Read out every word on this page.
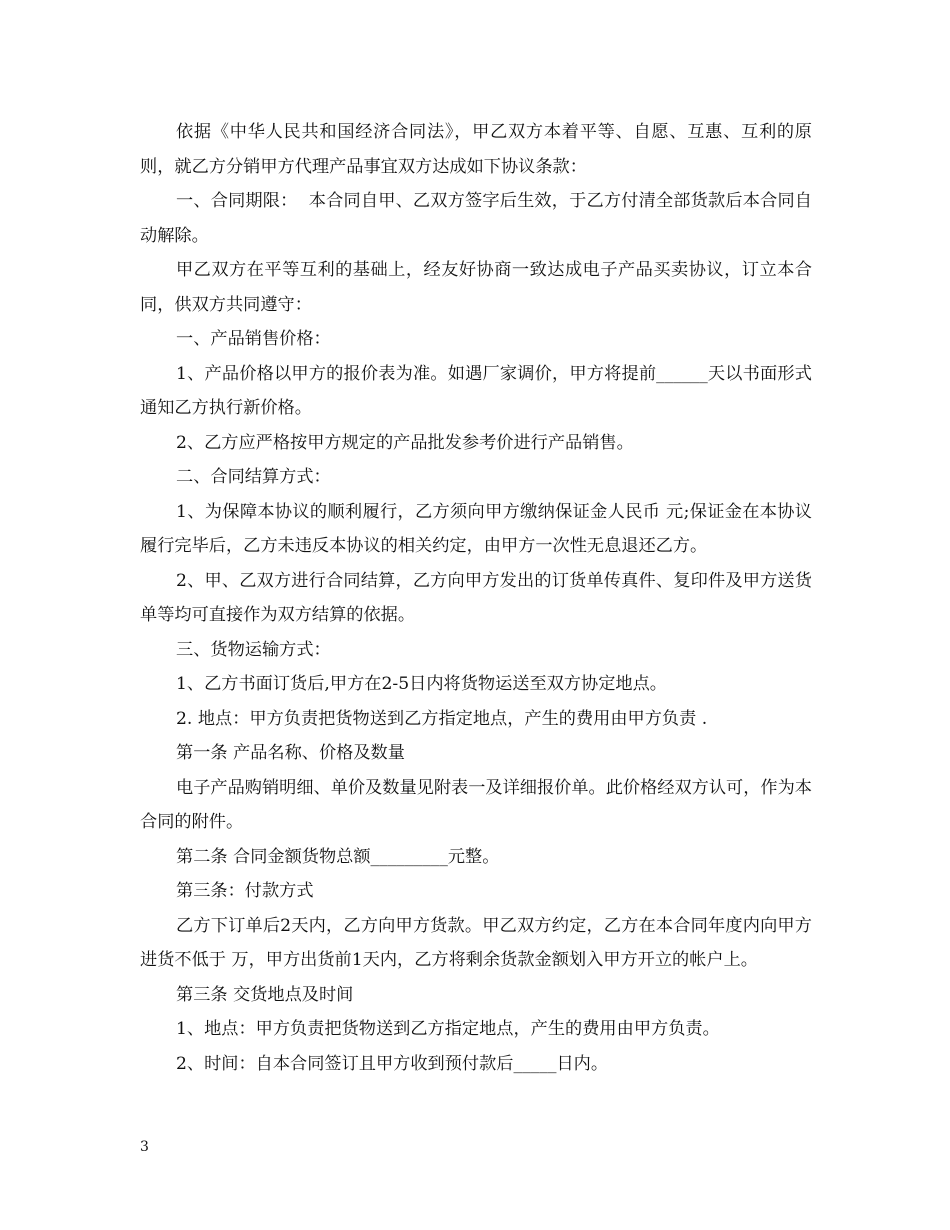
依据《中华人民共和国经济合同法》，甲乙双方本着平等、自愿、互惠、互利的原则，就乙方分销甲方代理产品事宜双方达成如下协议条款：

一、合同期限：  本合同自甲、乙双方签字后生效，于乙方付清全部货款后本合同自动解除。

甲乙双方在平等互利的基础上，经友好协商一致达成电子产品买卖协议，订立本合同，供双方共同遵守：

一、产品销售价格：

1、产品价格以甲方的报价表为准。如遇厂家调价，甲方将提前______天以书面形式通知乙方执行新价格。

2、乙方应严格按甲方规定的产品批发参考价进行产品销售。

二、合同结算方式：

1、为保障本协议的顺利履行，乙方须向甲方缴纳保证金人民币 元;保证金在本协议履行完毕后，乙方未违反本协议的相关约定，由甲方一次性无息退还乙方。

2、甲、乙双方进行合同结算，乙方向甲方发出的订货单传真件、复印件及甲方送货单等均可直接作为双方结算的依据。

三、货物运输方式：

1、乙方书面订货后,甲方在2-5日内将货物运送至双方协定地点。

2. 地点：甲方负责把货物送到乙方指定地点，产生的费用由甲方负责 .

第一条 产品名称、价格及数量

电子产品购销明细、单价及数量见附表一及详细报价单。此价格经双方认可，作为本合同的附件。

第二条 合同金额货物总额_________元整。

第三条：付款方式

乙方下订单后2天内，乙方向甲方货款。甲乙双方约定，乙方在本合同年度内向甲方进货不低于 万，甲方出货前1天内，乙方将剩余货款金额划入甲方开立的帐户上。

第三条 交货地点及时间

1、地点：甲方负责把货物送到乙方指定地点，产生的费用由甲方负责。

2、时间：自本合同签订且甲方收到预付款后_____日内。

3
